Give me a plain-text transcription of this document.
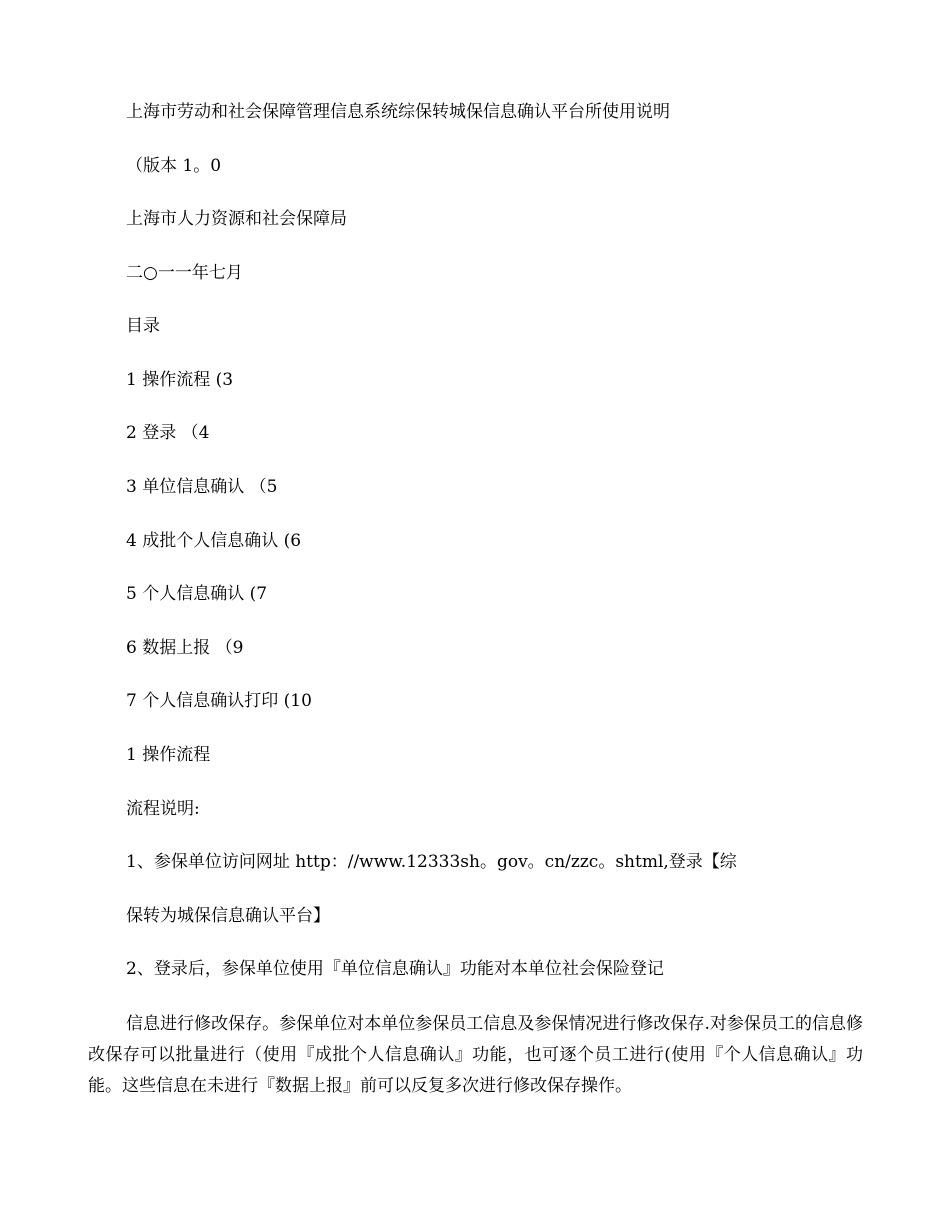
上海市劳动和社会保障管理信息系统综保转城保信息确认平台所使用说明
（版本 1。0
上海市人力资源和社会保障局
二○一一年七月
目录
1 操作流程 (3
2 登录 （4
3 单位信息确认 （5
4 成批个人信息确认 (6
5 个人信息确认 (7
6 数据上报 （9
7 个人信息确认打印 (10
1 操作流程
流程说明:
1、参保单位访问网址 http：//www.12333sh。gov。cn/zzc。shtml,登录【综
保转为城保信息确认平台】
2、登录后，参保单位使用『单位信息确认』功能对本单位社会保险登记
信息进行修改保存。参保单位对本单位参保员工信息及参保情况进行修改保存.对参保员工的信息修改保存可以批量进行（使用『成批个人信息确认』功能，也可逐个员工进行(使用『个人信息确认』功能。这些信息在未进行『数据上报』前可以反复多次进行修改保存操作。
